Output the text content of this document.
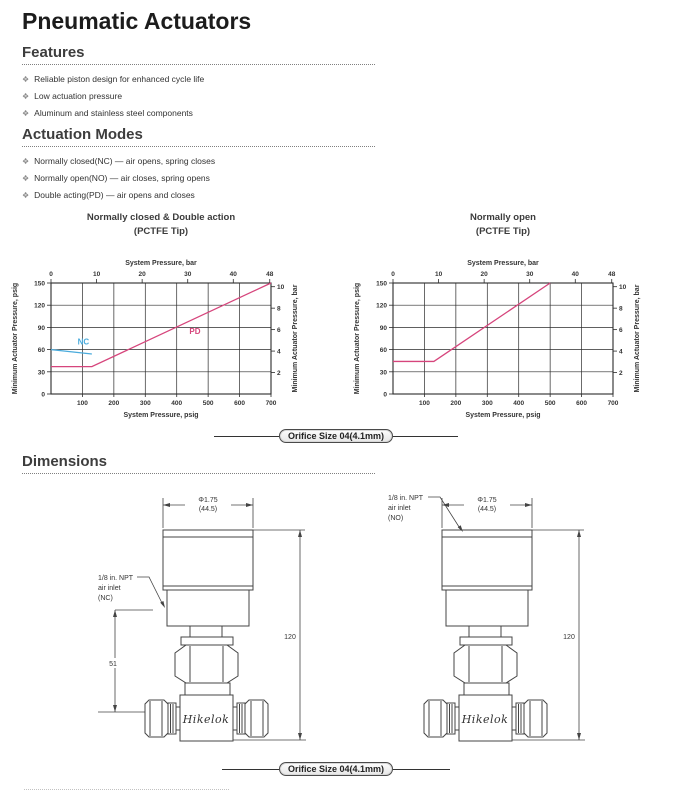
Pneumatic Actuators
Features
❖ Reliable piston design for enhanced cycle life
❖ Low actuation pressure
❖ Aluminum and stainless steel components
Actuation Modes
❖ Normally closed(NC) — air opens, spring closes
❖ Normally open(NO) — air closes, spring opens
❖ Double acting(PD) — air opens and closes
Normally closed & Double action
(PCTFE Tip)
Normally open
(PCTFE Tip)
0	10	20	30	40	48
2
4
6
8
10
0
30
60
90
120
150
100	200	300	400	500	600	700
System Pressure, bar
System Pressure, psig
Minimum Actuator Pressure, psig	Minimum Actuator Pressure, bar
PD
NC
0	10	20	30	40	48
2
4
6
8
10
0
30
60
90
120
150
100	200	300	400	500	600	700
System Pressure, bar
System Pressure, psig
Minimum Actuator Pressure, psig	Minimum Actuator Pressure, bar
Orifice Size 04(4.1mm)
Dimensions
Φ1.75
(44.5)
120
51
1/8 in. NPT
air inlet
(NC)
Hikelok
Φ1.75
(44.5)
120
1/8 in. NPT
air inlet
(NO)
Hikelok
Orifice Size 04(4.1mm)
